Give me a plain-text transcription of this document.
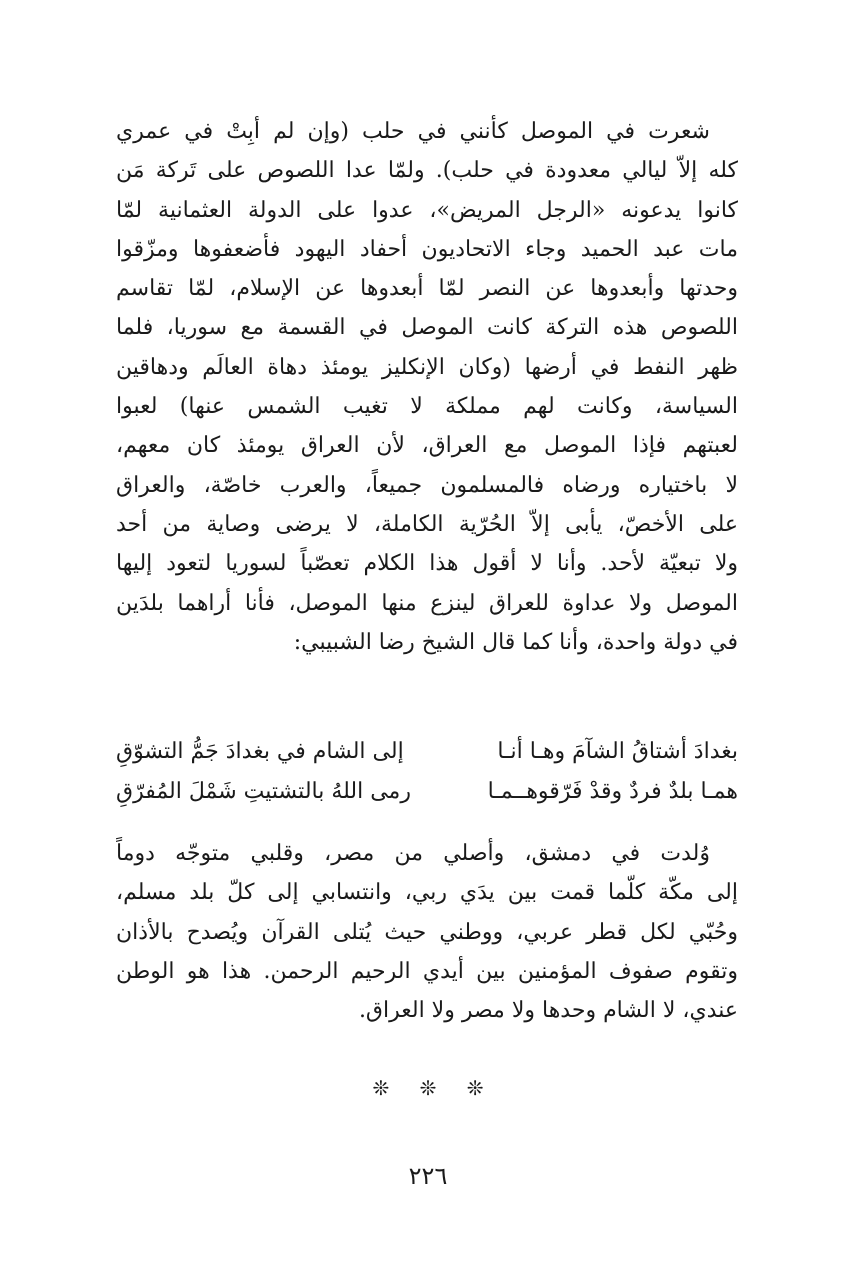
شعرت في الموصل كأنني في حلب (وإن لم أبِتْ في عمري
كله إلاّ ليالي معدودة في حلب). ولمّا عدا اللصوص على تَركة مَن
كانوا يدعونه «الرجل المريض»، عدوا على الدولة العثمانية لمّا
مات عبد الحميد وجاء الاتحاديون أحفاد اليهود فأضعفوها ومزّقوا
وحدتها وأبعدوها عن النصر لمّا أبعدوها عن الإسلام، لمّا تقاسم
اللصوص هذه التركة كانت الموصل في القسمة مع سوريا، فلما
ظهر النفط في أرضها (وكان الإنكليز يومئذ دهاة العالَم ودهاقين
السياسة، وكانت لهم مملكة لا تغيب الشمس عنها) لعبوا
لعبتهم فإذا الموصل مع العراق، لأن العراق يومئذ كان معهم،
لا باختياره ورضاه فالمسلمون جميعاً، والعرب خاصّة، والعراق
على الأخصّ، يأبى إلاّ الحُرّية الكاملة، لا يرضى وصاية من أحد
ولا تبعيّة لأحد. وأنا لا أقول هذا الكلام تعصّباً لسوريا لتعود إليها
الموصل ولا عداوة للعراق لينزع منها الموصل، فأنا أراهما بلدَين
في دولة واحدة، وأنا كما قال الشيخ رضا الشبيبي:
بغدادَ أشتاقُ الشآمَ وهـا أنـا
إلى الشام في بغدادَ جَمُّ التشوّقِ
همـا بلدٌ فردٌ وقدْ فَرّقوهــمـا
رمى اللهُ بالتشتيتِ شَمْلَ المُفرّقِ
وُلدت في دمشق، وأصلي من مصر، وقلبي متوجّه دوماً
إلى مكّة كلّما قمت بين يدَي ربي، وانتسابي إلى كلّ بلد مسلم،
وحُبّي لكل قطر عربي، ووطني حيث يُتلى القرآن ويُصدح بالأذان
وتقوم صفوف المؤمنين بين أيدي الرحيم الرحمن. هذا هو الوطن
عندي، لا الشام وحدها ولا مصر ولا العراق.
❊ ❊ ❊
٢٢٦
